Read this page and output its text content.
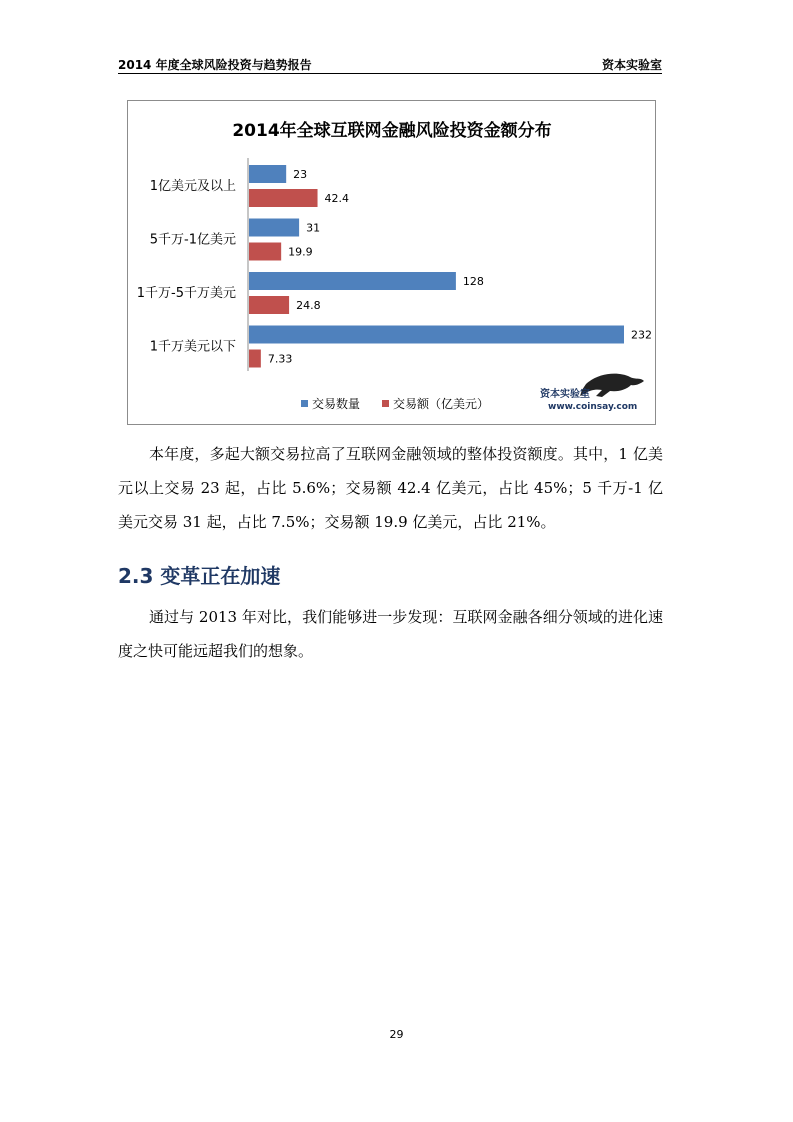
2014 年度全球风险投资与趋势报告	资本实验室
2014年全球互联网金融风险投资金额分布
1亿美元及以上
23
42.4
5千万-1亿美元
31
19.9
1千万-5千万美元
128
24.8
1千万美元以下
232
7.33
交易数量	交易额（亿美元）
资本实验室
www.coinsay.com

本年度，多起大额交易拉高了互联网金融领域的整体投资额度。其中，1 亿美元以上交易 23 起，占比 5.6%；交易额 42.4 亿美元，占比 45%；5 千万-1 亿美元交易 31 起，占比 7.5%；交易额 19.9 亿美元，占比 21%。

2.3 变革正在加速

通过与 2013 年对比，我们能够进一步发现：互联网金融各细分领域的进化速度之快可能远超我们的想象。

29
